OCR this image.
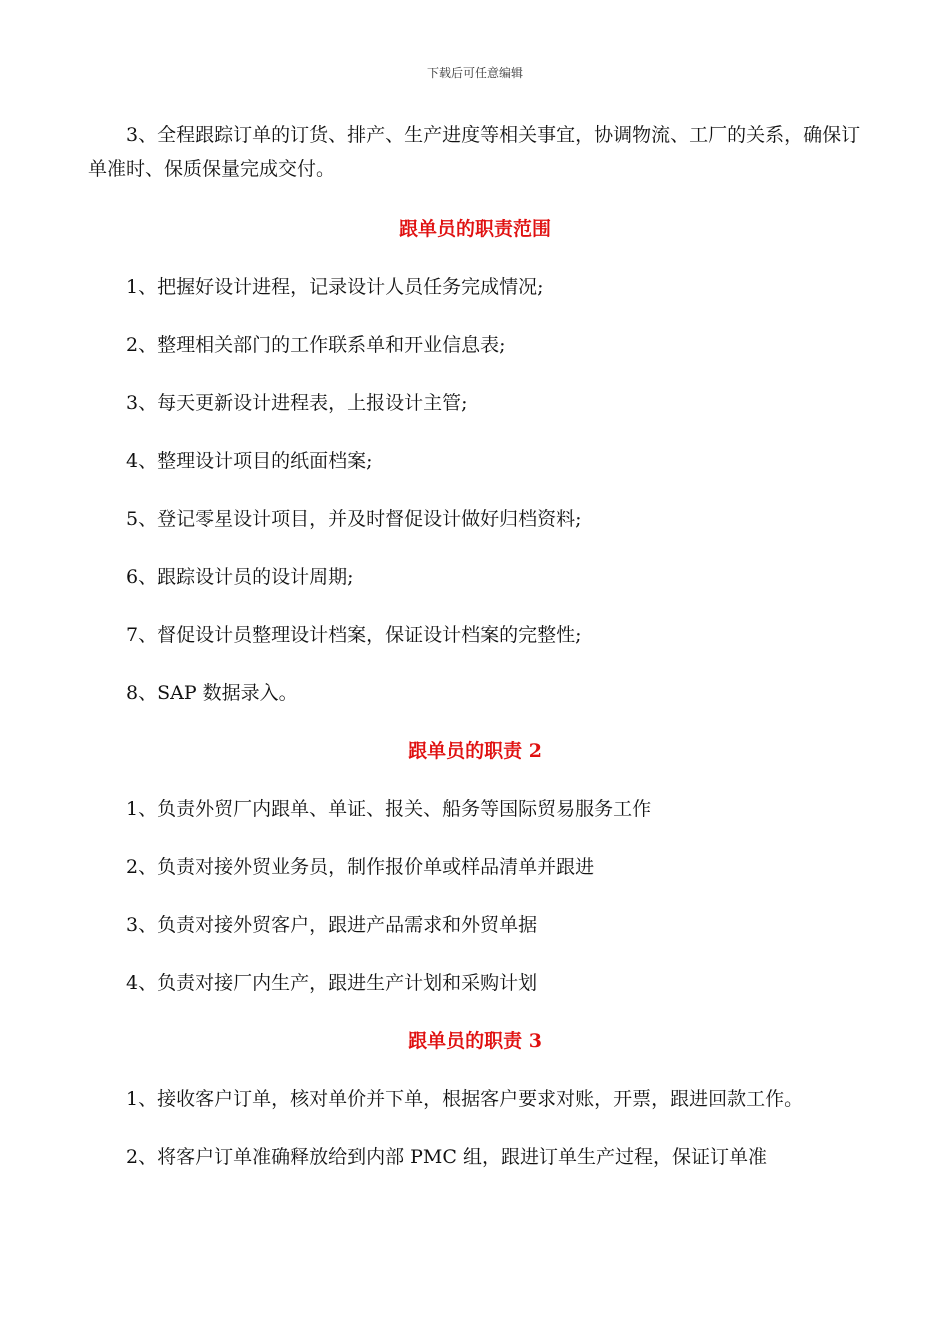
下载后可任意编辑

3、全程跟踪订单的订货、排产、生产进度等相关事宜，协调物流、工厂的关系，确保订单准时、保质保量完成交付。

跟单员的职责范围

1、把握好设计进程，记录设计人员任务完成情况;

2、整理相关部门的工作联系单和开业信息表;

3、每天更新设计进程表，上报设计主管;

4、整理设计项目的纸面档案;

5、登记零星设计项目，并及时督促设计做好归档资料;

6、跟踪设计员的设计周期;

7、督促设计员整理设计档案，保证设计档案的完整性;

8、SAP 数据录入。

跟单员的职责 2

1、负责外贸厂内跟单、单证、报关、船务等国际贸易服务工作

2、负责对接外贸业务员，制作报价单或样品清单并跟进

3、负责对接外贸客户，跟进产品需求和外贸单据

4、负责对接厂内生产，跟进生产计划和采购计划

跟单员的职责 3

1、接收客户订单，核对单价并下单，根据客户要求对账，开票，跟进回款工作。

2、将客户订单准确释放给到内部 PMC 组，跟进订单生产过程，保证订单准
